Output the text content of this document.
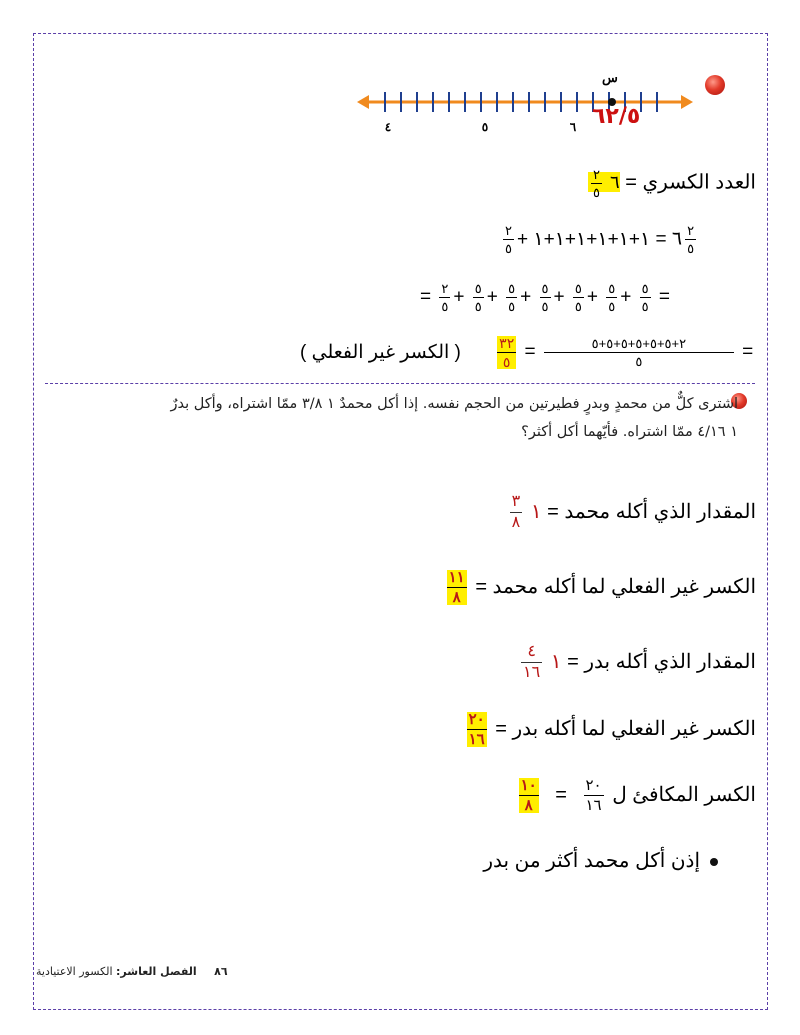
٤	٥	٦
س
٦٢/٥
العدد الكسري = ٦
$\frac{٢}{٥}$
$\frac{٢}{٥}$ = ١+١+١+١+١+١ + ٦ $\frac{٢}{٥}$
= $\frac{٢}{٥} + \frac{٥}{٥} + \frac{٥}{٥} + \frac{٥}{٥} + \frac{٥}{٥} + \frac{٥}{٥} + \frac{٥}{٥}$ =
( الكسر غير الفعلي )	$\frac{٣٢}{٥} = \frac{٢+٥+٥+٥+٥+٥+٥}{٥}$ =
اشترى كلٌّ من محمدٍ وبدرٍ فطيرتين من الحجم نفسه. إذا أكل محمدٌ ١ ٣/٨ ممّا اشتراه، وأكل بدرٌ
١ ٤/١٦ ممّا اشتراه. فأيّهما أكل أكثر؟
المقدار الذي أكله محمد = ١
$\frac{٣}{٨}$
الكسر غير الفعلي لما أكله محمد =
$\frac{١١}{٨}$
المقدار الذي أكله بدر = ١
$\frac{٤}{١٦}$
الكسر غير الفعلي لما أكله بدر =
$\frac{٢٠}{١٦}$
الكسر المكافئ ل
$\frac{٢٠}{١٦}$
=
$\frac{١٠}{٨}$
إذن أكل محمد أكثر من بدر
٨٦ الفصل العاشر: الكسور الاعتيادية
